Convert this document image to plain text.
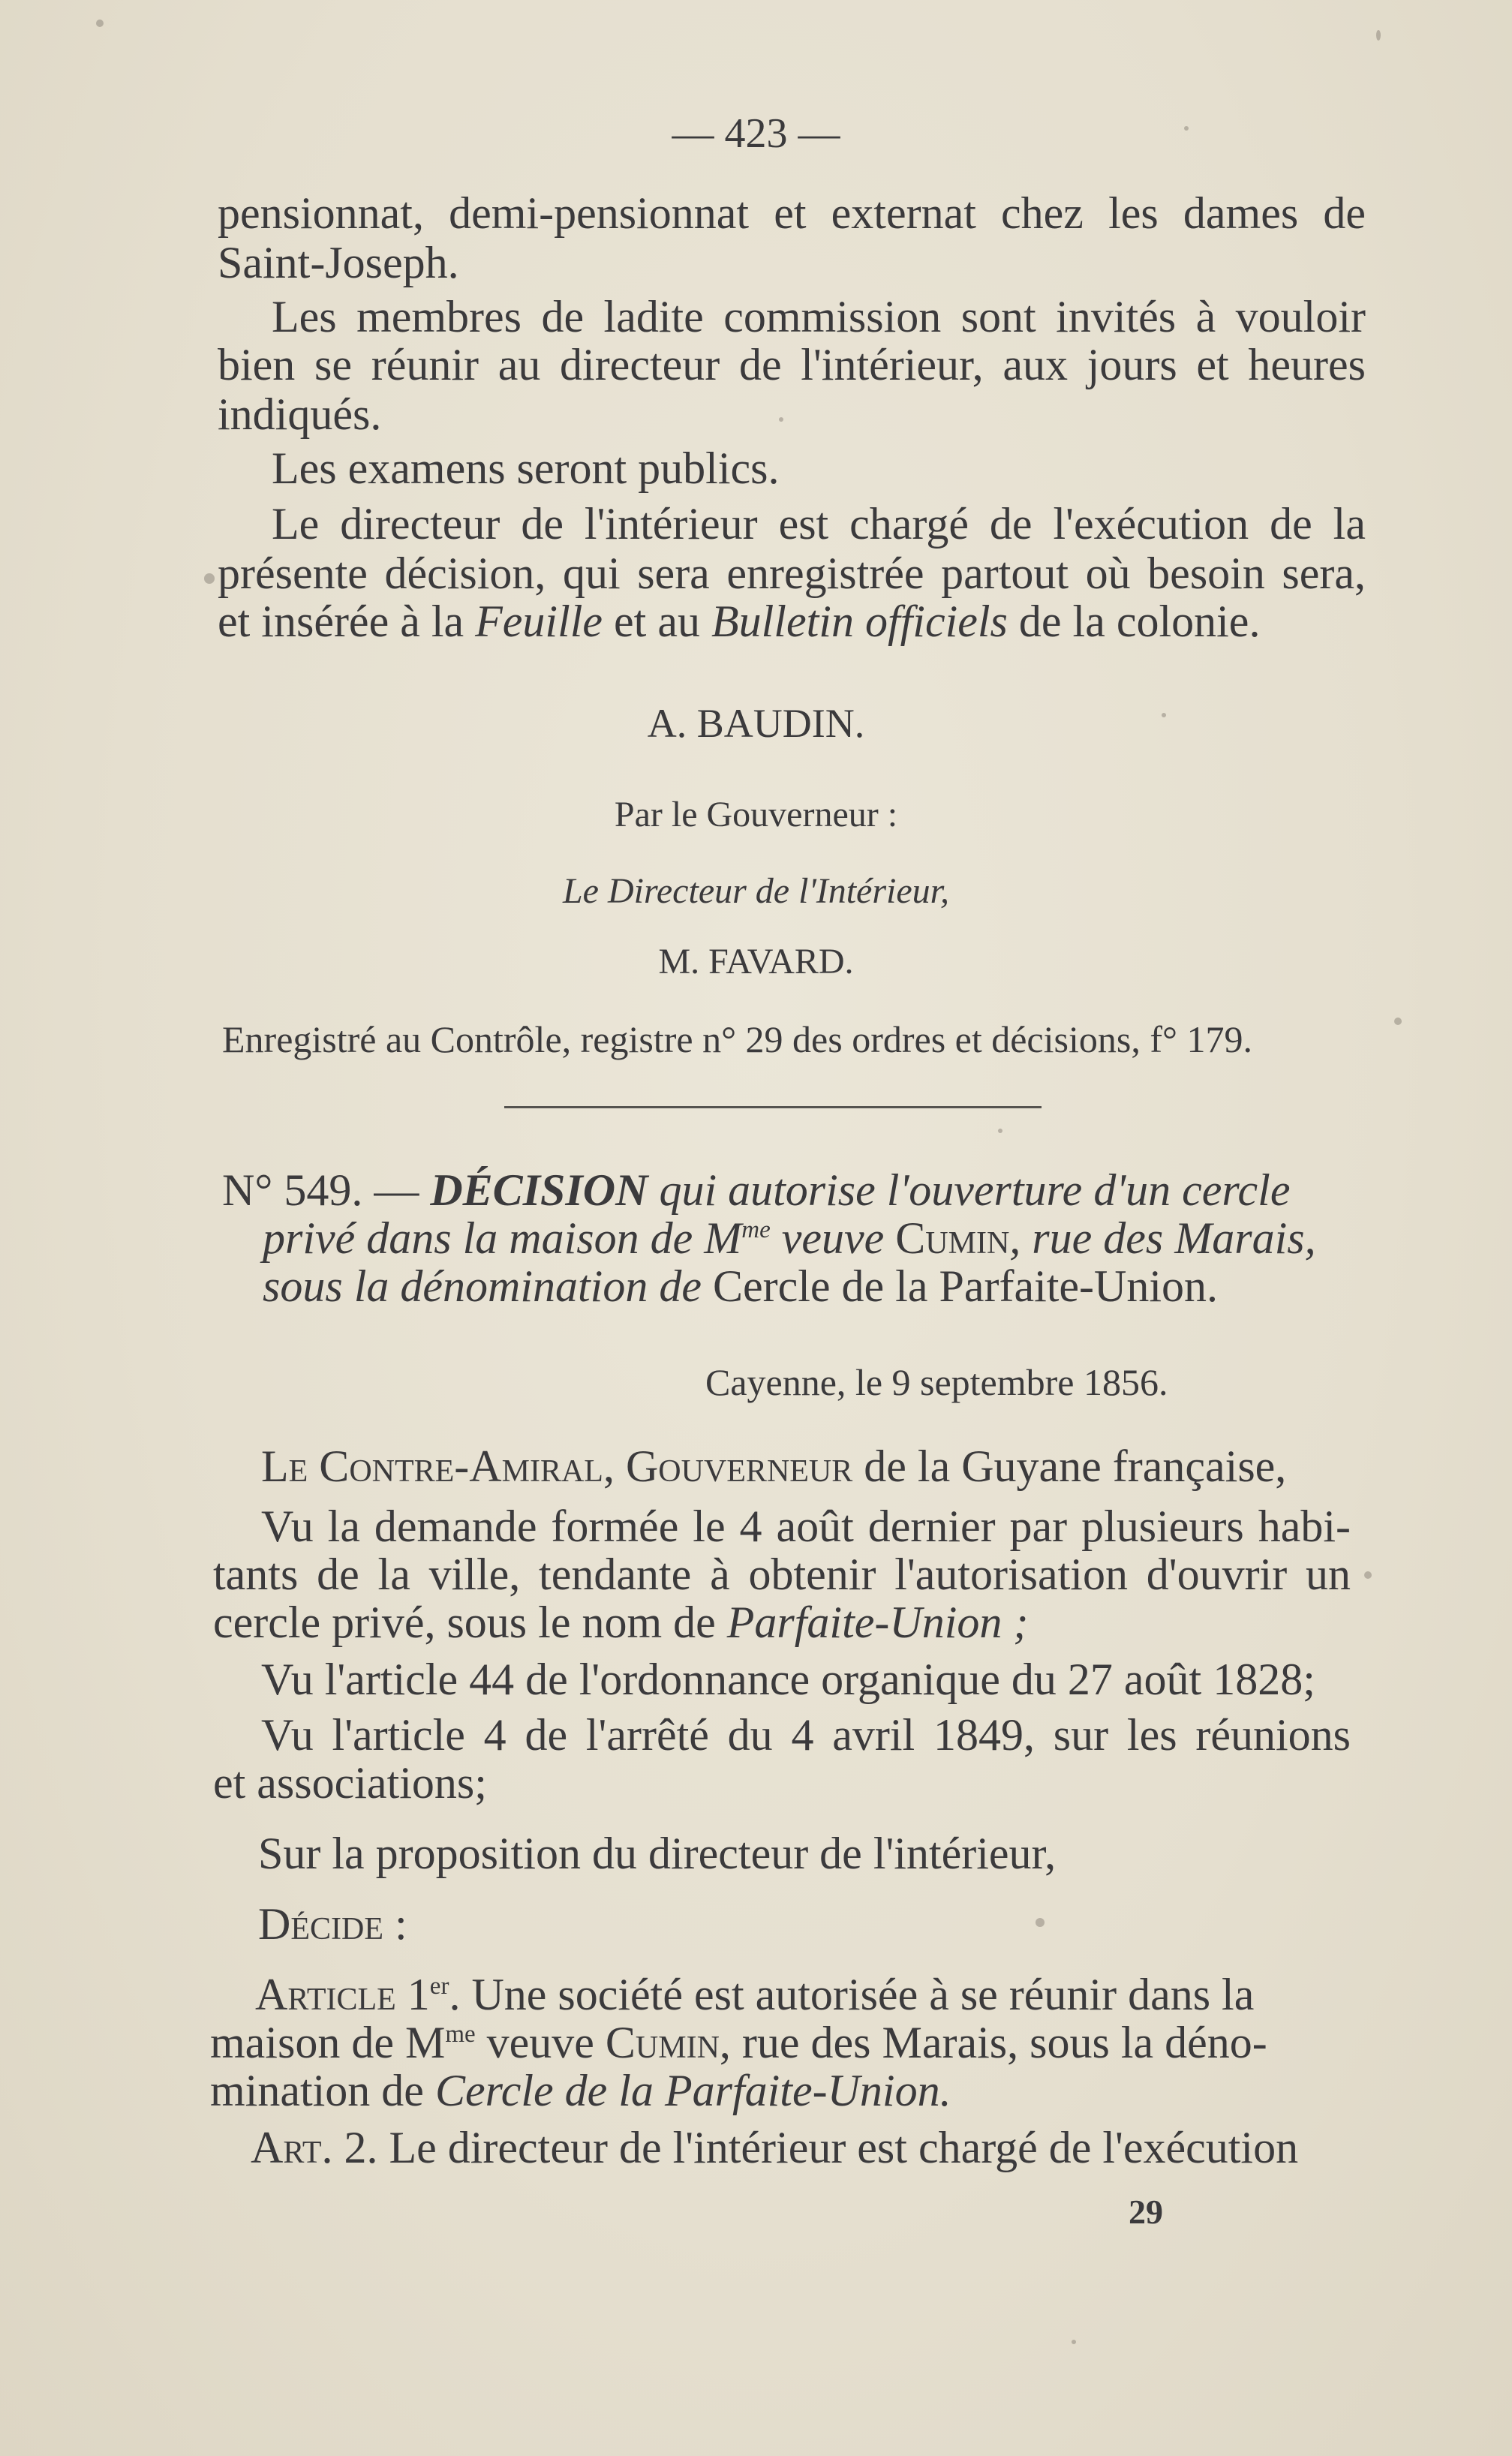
— 423 —
pensionnat, demi-pensionnat et externat chez les dames de
Saint-Joseph.
Les membres de ladite commission sont invités à vouloir
bien se réunir au directeur de l'intérieur, aux jours et heures
indiqués.
Les examens seront publics.
Le directeur de l'intérieur est chargé de l'exécution de la
présente décision, qui sera enregistrée partout où besoin sera,
et insérée à la Feuille et au Bulletin officiels de la colonie.
A. BAUDIN.
Par le Gouverneur :
Le Directeur de l'Intérieur,
M. FAVARD.
Enregistré au Contrôle, registre n° 29 des ordres et décisions, f° 179.
N° 549. — DÉCISION qui autorise l'ouverture d'un cercle
privé dans la maison de $M^{me}$ veuve Cumin, rue des Marais,
sous la dénomination de Cercle de la Parfaite-Union.
Cayenne, le 9 septembre 1856.
Le Contre-Amiral, Gouverneur de la Guyane française,
Vu la demande formée le 4 août dernier par plusieurs habi-
tants de la ville, tendante à obtenir l'autorisation d'ouvrir un
cercle privé, sous le nom de Parfaite-Union ;
Vu l'article 44 de l'ordonnance organique du 27 août 1828;
Vu l'article 4 de l'arrêté du 4 avril 1849, sur les réunions
et associations;
Sur la proposition du directeur de l'intérieur,
Décide :
Article 1er. Une société est autorisée à se réunir dans la
maison de $M^{me}$ veuve Cumin, rue des Marais, sous la déno-
mination de Cercle de la Parfaite-Union.
Art. 2. Le directeur de l'intérieur est chargé de l'exécution
29
